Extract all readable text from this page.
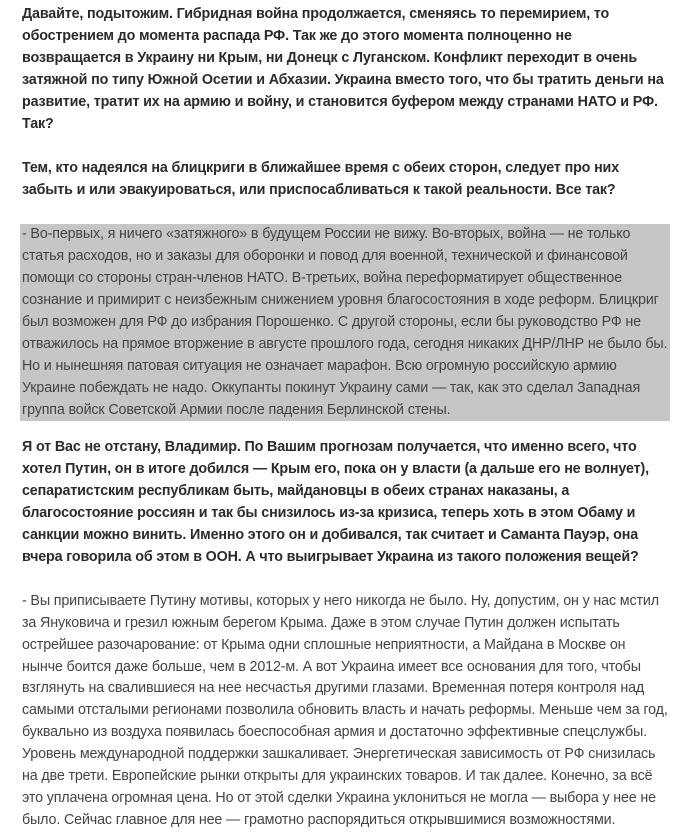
Давайте, подытожим. Гибридная война продолжается, сменяясь то перемирием, то обострением до момента распада РФ. Так же до этого момента полноценно не возвращается в Украину ни Крым, ни Донецк с Луганском. Конфликт переходит в очень затяжной по типу Южной Осетии и Абхазии. Украина вместо того, что бы тратить деньги на развитие, тратит их на армию и войну, и становится буфером между странами НАТО и РФ. Так?

Тем, кто надеялся на блицкриги в ближайшее время с обеих сторон, следует про них забыть и или эвакуироваться, или приспосабливаться к такой реальности. Все так?

- Во-первых, я ничего «затяжного» в будущем России не вижу. Во-вторых, война — не только статья расходов, но и заказы для оборонки и повод для военной, технической и финансовой помощи со стороны стран-членов НАТО. В-третьих, война переформатирует общественное сознание и примирит с неизбежным снижением уровня благосостояния в ходе реформ. Блицкриг был возможен для РФ до избрания Порошенко. С другой стороны, если бы руководство РФ не отважилось на прямое вторжение в августе прошлого года, сегодня никаких ДНР/ЛНР не было бы. Но и нынешняя патовая ситуация не означает марафон. Всю огромную российскую армию Украине побеждать не надо. Оккупанты покинут Украину сами — так, как это сделал Западная группа войск Советской Армии после падения Берлинской стены.

Я от Вас не отстану, Владимир. По Вашим прогнозам получается, что именно всего, что хотел Путин, он в итоге добился — Крым его, пока он у власти (а дальше его не волнует), сепаратистским республикам быть, майдановцы в обеих странах наказаны, а благосостояние россиян и так бы снизилось из-за кризиса, теперь хоть в этом Обаму и санкции можно винить. Именно этого он и добивался, так считает и Саманта Пауэр, она вчера говорила об этом в ООН. А что выигрывает Украина из такого положения вещей?

- Вы приписываете Путину мотивы, которых у него никогда не было. Ну, допустим, он у нас мстил за Януковича и грезил южным берегом Крыма. Даже в этом случае Путин должен испытать острейшее разочарование: от Крыма одни сплошные неприятности, а Майдана в Москве он нынче боится даже больше, чем в 2012-м. А вот Украина имеет все основания для того, чтобы взглянуть на свалившиеся на нее несчастья другими глазами. Временная потеря контроля над самыми отсталыми регионами позволила обновить власть и начать реформы. Меньше чем за год, буквально из воздуха появилась боеспособная армия и достаточно эффективные спецслужбы. Уровень международной поддержки зашкаливает. Энергетическая зависимость от РФ снизилась на две трети. Европейские рынки открыты для украинских товаров. И так далее. Конечно, за всё это уплачена огромная цена. Но от этой сделки Украина уклониться не могла — выбора у нее не было. Сейчас главное для нее — грамотно распорядиться открывшимися возможностями.
